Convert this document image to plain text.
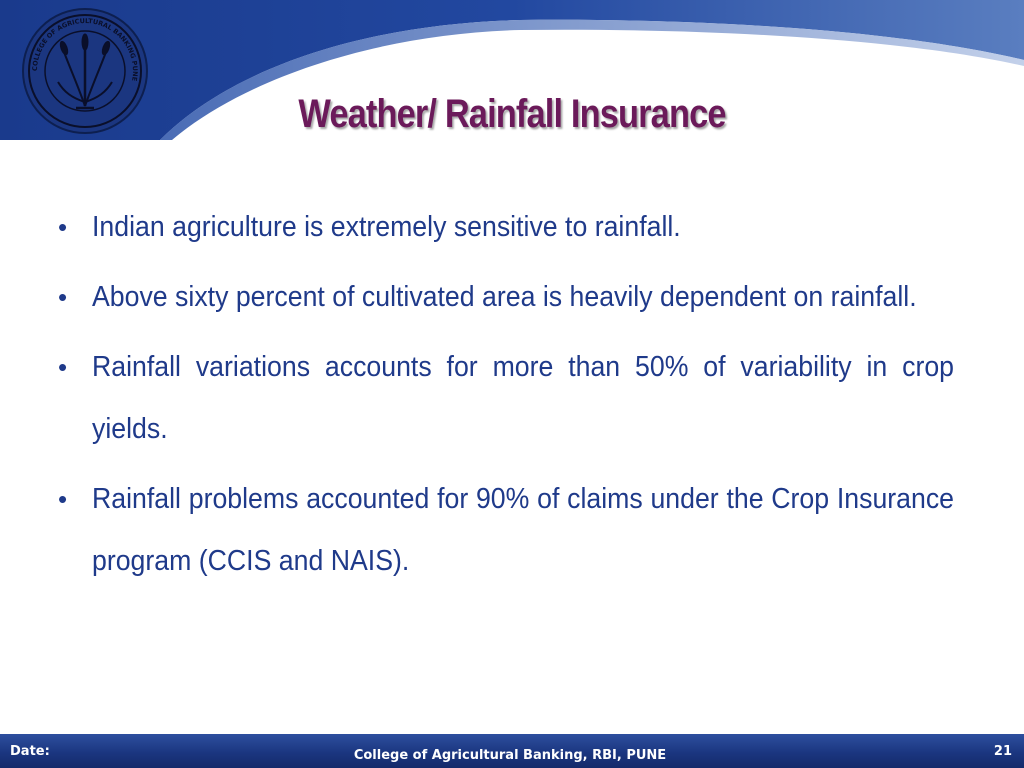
COLLEGE OF AGRICULTURAL BANKING PUNE
Weather/ Rainfall Insurance
• Indian agriculture is extremely sensitive to rainfall.
• Above sixty percent of cultivated area is heavily dependent on rainfall.
• Rainfall variations accounts for more than 50% of variability in crop yields.
• Rainfall problems accounted for 90% of claims under the Crop Insurance program (CCIS and NAIS).
Date:	College of Agricultural Banking, RBI, PUNE	21
